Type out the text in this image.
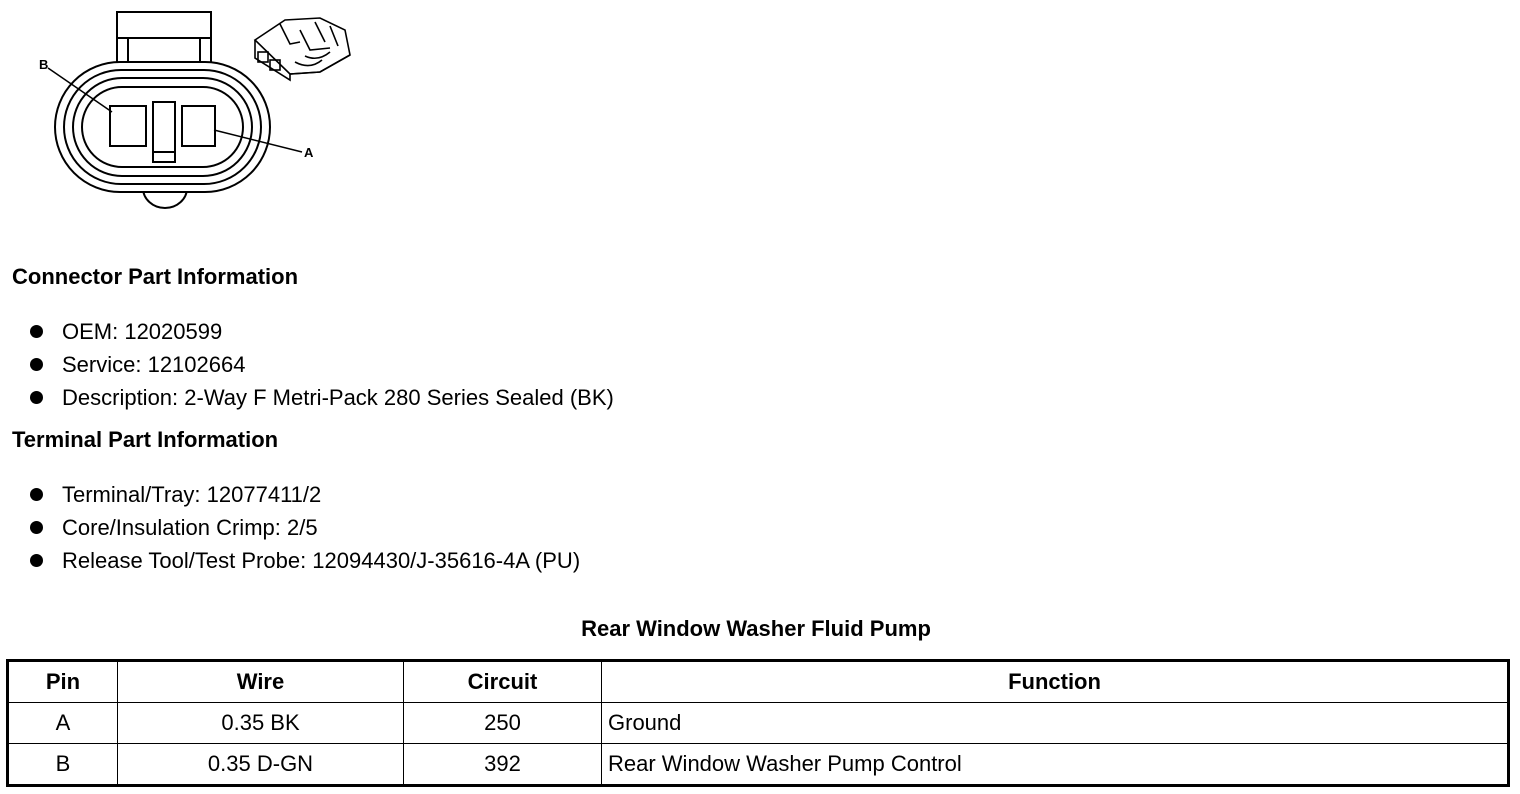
B
A
Connector Part Information
OEM: 12020599
Service: 12102664
Description: 2-Way F Metri-Pack 280 Series Sealed (BK)
Terminal Part Information
Terminal/Tray: 12077411/2
Core/Insulation Crimp: 2/5
Release Tool/Test Probe: 12094430/J-35616-4A (PU)
Rear Window Washer Fluid Pump
Pin	Wire	Circuit	Function
A	0.35 BK	250	Ground
B	0.35 D-GN	392	Rear Window Washer Pump Control
